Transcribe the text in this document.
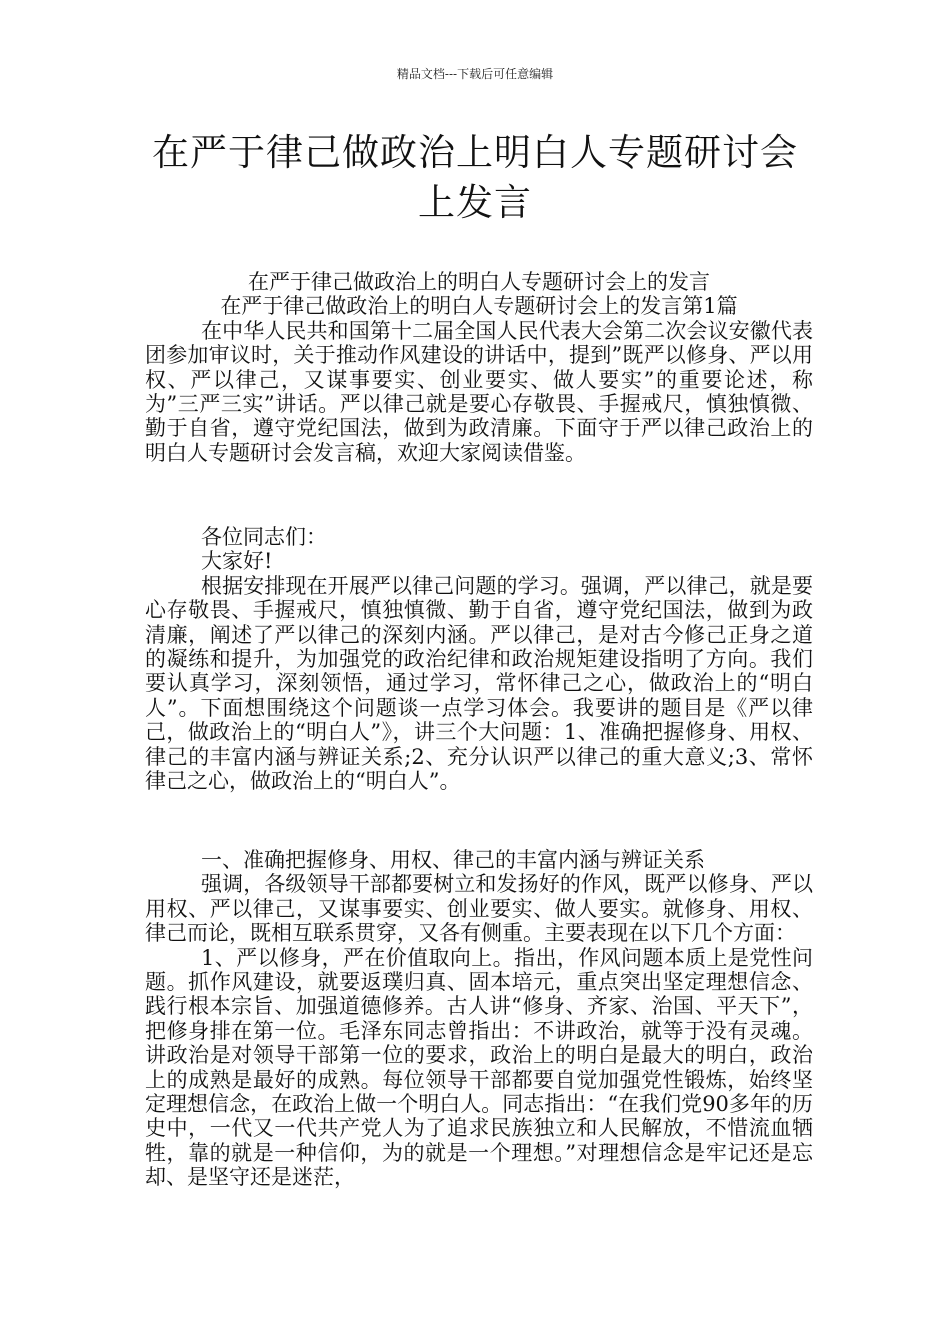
精品文档---下载后可任意编辑
在严于律己做政治上明白人专题研讨会上发言

在严于律己做政治上的明白人专题研讨会上的发言

在严于律己做政治上的明白人专题研讨会上的发言第1篇

在中华人民共和国第十二届全国人民代表大会第二次会议安徽代表团参加审议时，关于推动作风建设的讲话中，提到”既严以修身、严以用权、严以律己，又谋事要实、创业要实、做人要实”的重要论述，称为”三严三实”讲话。严以律己就是要心存敬畏、手握戒尺，慎独慎微、勤于自省，遵守党纪国法，做到为政清廉。下面守于严以律己政治上的明白人专题研讨会发言稿，欢迎大家阅读借鉴。

各位同志们：

大家好!

根据安排现在开展严以律己问题的学习。强调，严以律己，就是要心存敬畏、手握戒尺，慎独慎微、勤于自省，遵守党纪国法，做到为政清廉，阐述了严以律己的深刻内涵。严以律己，是对古今修己正身之道的凝练和提升，为加强党的政治纪律和政治规矩建设指明了方向。我们要认真学习，深刻领悟，通过学习，常怀律己之心，做政治上的“明白人”。下面想围绕这个问题谈一点学习体会。我要讲的题目是《严以律己，做政治上的“明白人”》，讲三个大问题：1、准确把握修身、用权、律己的丰富内涵与辨证关系;2、充分认识严以律己的重大意义;3、常怀律己之心，做政治上的“明白人”。

一、准确把握修身、用权、律己的丰富内涵与辨证关系

强调，各级领导干部都要树立和发扬好的作风，既严以修身、严以用权、严以律己，又谋事要实、创业要实、做人要实。就修身、用权、律己而论，既相互联系贯穿，又各有侧重。主要表现在以下几个方面：

1、严以修身，严在价值取向上。指出，作风问题本质上是党性问题。抓作风建设，就要返璞归真、固本培元，重点突出坚定理想信念、践行根本宗旨、加强道德修养。古人讲“修身、齐家、治国、平天下”，把修身排在第一位。毛泽东同志曾指出：不讲政治，就等于没有灵魂。讲政治是对领导干部第一位的要求，政治上的明白是最大的明白，政治上的成熟是最好的成熟。每位领导干部都要自觉加强党性锻炼，始终坚定理想信念，在政治上做一个明白人。同志指出：“在我们党90多年的历史中，一代又一代共产党人为了追求民族独立和人民解放，不惜流血牺牲，靠的就是一种信仰，为的就是一个理想。”对理想信念是牢记还是忘却、是坚守还是迷茫，
